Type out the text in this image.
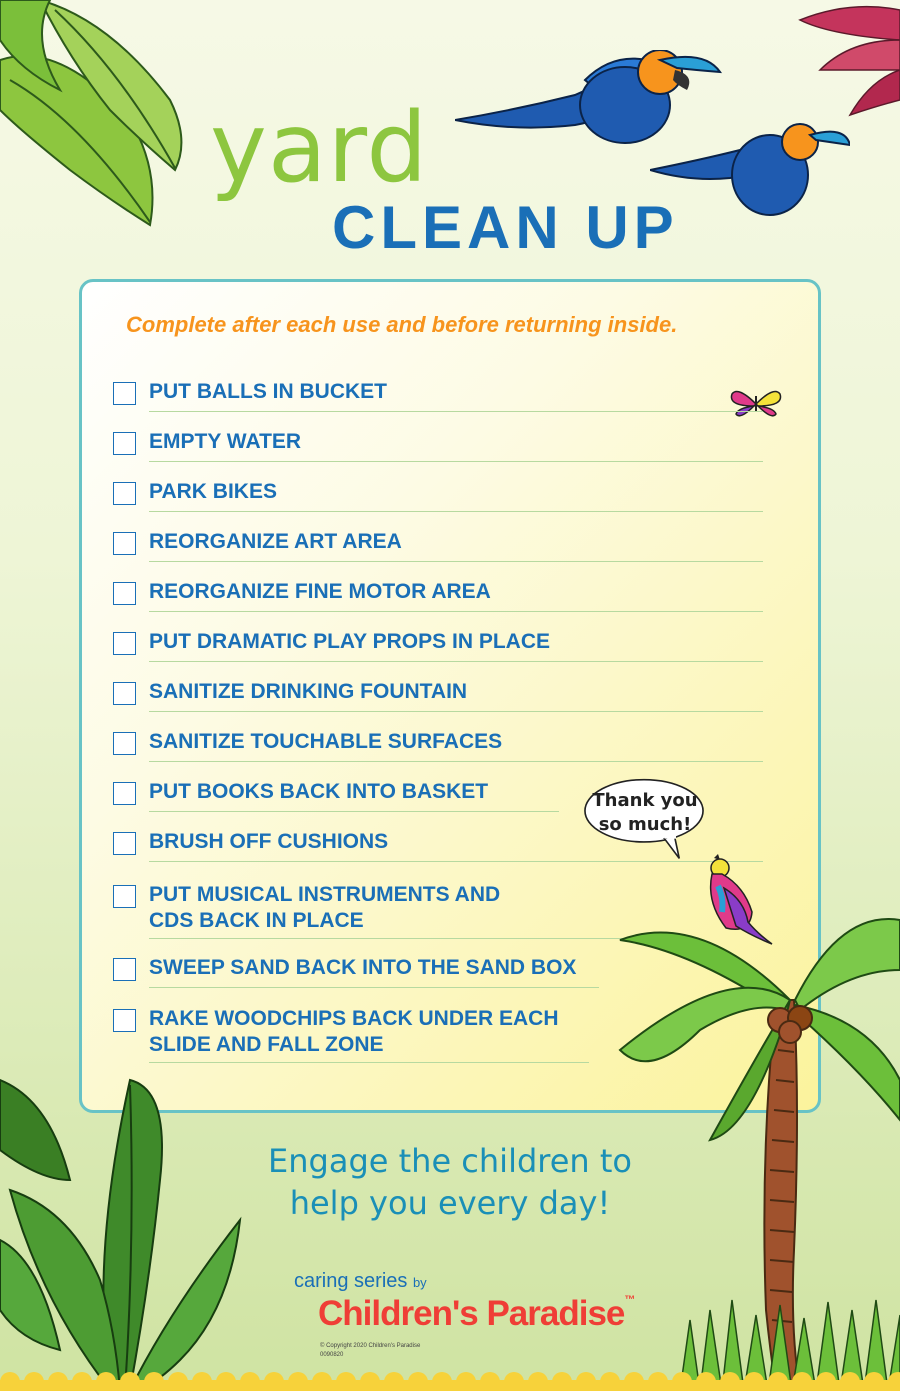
yard
CLEAN UP
Complete after each use and before returning inside.
PUT BALLS IN BUCKET
EMPTY WATER
PARK BIKES
REORGANIZE ART AREA
REORGANIZE FINE MOTOR AREA
PUT DRAMATIC PLAY PROPS IN PLACE
SANITIZE DRINKING FOUNTAIN
SANITIZE TOUCHABLE SURFACES
PUT BOOKS BACK INTO BASKET
BRUSH OFF CUSHIONS
PUT MUSICAL INSTRUMENTS AND CDS BACK IN PLACE
SWEEP SAND BACK INTO THE SAND BOX
RAKE WOODCHIPS BACK UNDER EACH SLIDE AND FALL ZONE
Thank you so much!
Engage the children to
help you every day!
caring series by
Children's Paradise™
© Copyright 2020 Children's Paradise
0090820
